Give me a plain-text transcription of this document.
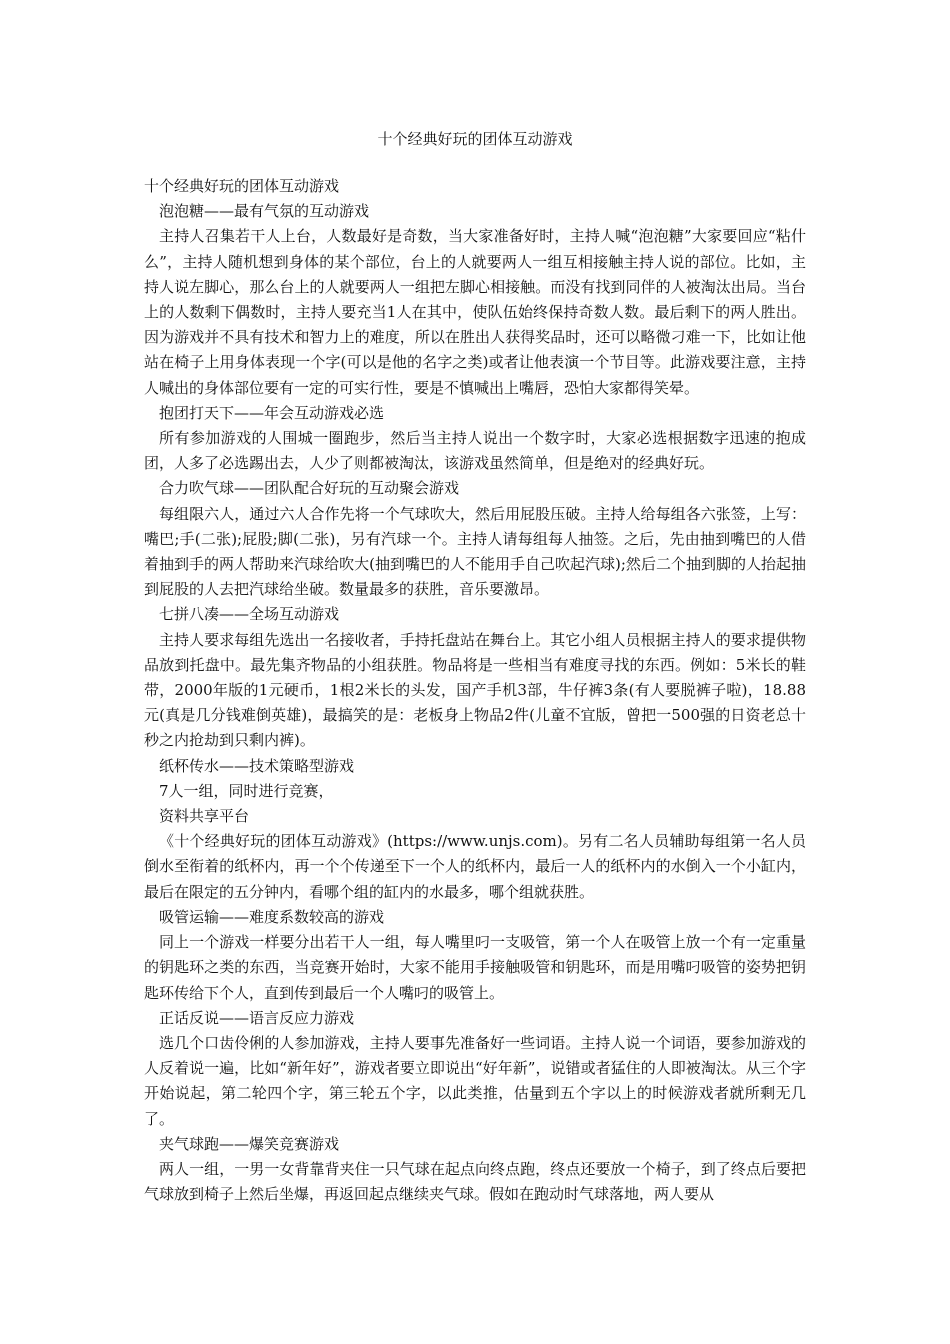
十个经典好玩的团体互动游戏

十个经典好玩的团体互动游戏

泡泡糖——最有气氛的互动游戏

主持人召集若干人上台，人数最好是奇数，当大家准备好时，主持人喊“泡泡糖”大家要回应“粘什么”，主持人随机想到身体的某个部位，台上的人就要两人一组互相接触主持人说的部位。比如，主持人说左脚心，那么台上的人就要两人一组把左脚心相接触。而没有找到同伴的人被淘汰出局。当台上的人数剩下偶数时，主持人要充当1人在其中，使队伍始终保持奇数人数。最后剩下的两人胜出。因为游戏并不具有技术和智力上的难度，所以在胜出人获得奖品时，还可以略微刁难一下，比如让他站在椅子上用身体表现一个字(可以是他的名字之类)或者让他表演一个节目等。此游戏要注意，主持人喊出的身体部位要有一定的可实行性，要是不慎喊出上嘴唇，恐怕大家都得笑晕。

抱团打天下——年会互动游戏必选

所有参加游戏的人围城一圈跑步，然后当主持人说出一个数字时，大家必选根据数字迅速的抱成团，人多了必选踢出去，人少了则都被淘汰，该游戏虽然简单，但是绝对的经典好玩。

合力吹气球——团队配合好玩的互动聚会游戏

每组限六人，通过六人合作先将一个气球吹大，然后用屁股压破。主持人给每组各六张签，上写：嘴巴;手(二张);屁股;脚(二张)，另有汽球一个。主持人请每组每人抽签。之后，先由抽到嘴巴的人借着抽到手的两人帮助来汽球给吹大(抽到嘴巴的人不能用手自己吹起汽球);然后二个抽到脚的人抬起抽到屁股的人去把汽球给坐破。数量最多的获胜，音乐要激昂。

七拼八凑——全场互动游戏

主持人要求每组先选出一名接收者，手持托盘站在舞台上。其它小组人员根据主持人的要求提供物品放到托盘中。最先集齐物品的小组获胜。物品将是一些相当有难度寻找的东西。例如：5米长的鞋带，2000年版的1元硬币，1根2米长的头发，国产手机3部，牛仔裤3条(有人要脱裤子啦)，18.88元(真是几分钱难倒英雄)，最搞笑的是：老板身上物品2件(儿童不宜版，曾把一500强的日资老总十秒之内抢劫到只剩内裤)。

纸杯传水——技术策略型游戏

7人一组，同时进行竞赛，

资料共享平台

《十个经典好玩的团体互动游戏》(https://www.unjs.com)。另有二名人员辅助每组第一名人员倒水至衔着的纸杯内，再一个个传递至下一个人的纸杯内，最后一人的纸杯内的水倒入一个小缸内，最后在限定的五分钟内，看哪个组的缸内的水最多，哪个组就获胜。

吸管运输——难度系数较高的游戏

同上一个游戏一样要分出若干人一组，每人嘴里叼一支吸管，第一个人在吸管上放一个有一定重量的钥匙环之类的东西，当竞赛开始时，大家不能用手接触吸管和钥匙环，而是用嘴叼吸管的姿势把钥匙环传给下个人，直到传到最后一个人嘴叼的吸管上。

正话反说——语言反应力游戏

选几个口齿伶俐的人参加游戏，主持人要事先准备好一些词语。主持人说一个词语，要参加游戏的人反着说一遍，比如“新年好”，游戏者要立即说出“好年新”，说错或者猛住的人即被淘汰。从三个字开始说起，第二轮四个字，第三轮五个字，以此类推，估量到五个字以上的时候游戏者就所剩无几了。

夹气球跑——爆笑竞赛游戏

两人一组，一男一女背靠背夹住一只气球在起点向终点跑，终点还要放一个椅子，到了终点后要把气球放到椅子上然后坐爆，再返回起点继续夹气球。假如在跑动时气球落地，两人要从
